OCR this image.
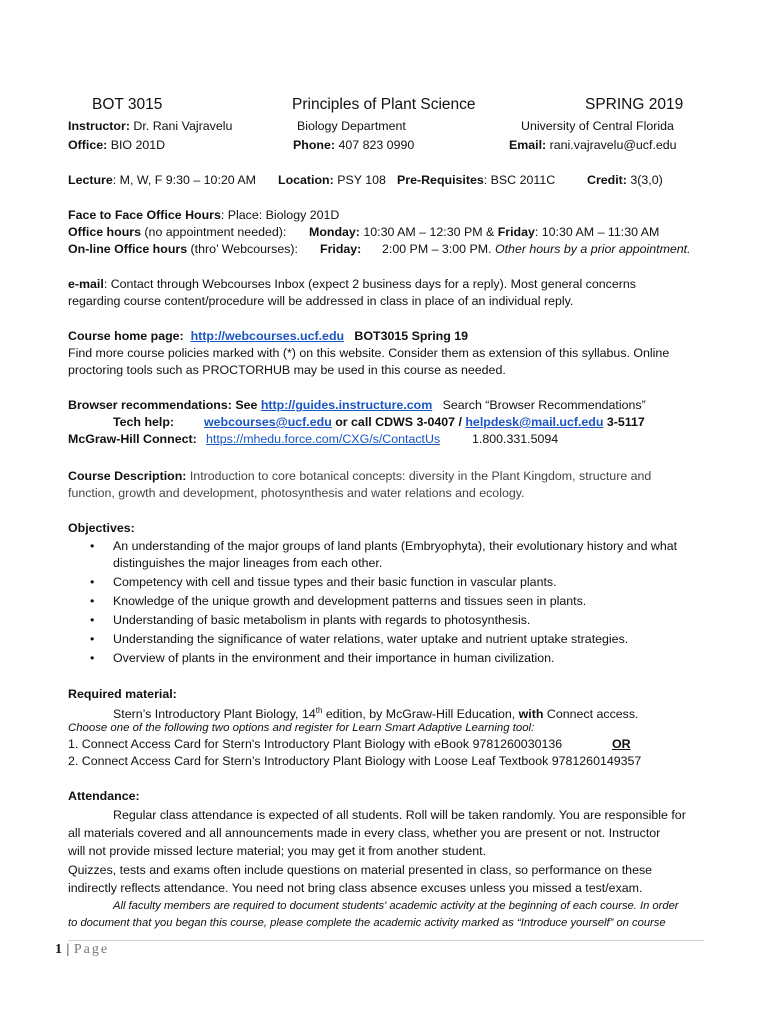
BOT 3015	Principles of Plant Science	SPRING 2019
Instructor: Dr. Rani Vajravelu	Biology Department	University of Central Florida
Office: BIO 201D	Phone: 407 823 0990	Email: rani.vajravelu@ucf.edu
Lecture: M, W, F 9:30 – 10:20 AM Location: PSY 108 Pre-Requisites: BSC 2011C	Credit: 3(3,0)
Face to Face Office Hours: Place: Biology 201D
Office hours (no appointment needed): Monday: 10:30 AM – 12:30 PM & Friday: 10:30 AM – 11:30 AM
On-line Office hours (thro’ Webcourses): Friday: 2:00 PM – 3:00 PM. Other hours by a prior appointment.
e-mail: Contact through Webcourses Inbox (expect 2 business days for a reply). Most general concerns
regarding course content/procedure will be addressed in class in place of an individual reply.
Course home page: http://webcourses.ucf.edu BOT3015 Spring 19
Find more course policies marked with (*) on this website. Consider them as extension of this syllabus. Online
proctoring tools such as PROCTORHUB may be used in this course as needed.
Browser recommendations: See http://guides.instructure.com Search “Browser Recommendations”
Tech help: webcourses@ucf.edu or call CDWS 3-0407 / helpdesk@mail.ucf.edu 3-5117
McGraw-Hill Connect: https://mhedu.force.com/CXG/s/ContactUs	1.800.331.5094
Course Description: Introduction to core botanical concepts: diversity in the Plant Kingdom, structure and
function, growth and development, photosynthesis and water relations and ecology.
Objectives:
• An understanding of the major groups of land plants (Embryophyta), their evolutionary history and what
distinguishes the major lineages from each other.
• Competency with cell and tissue types and their basic function in vascular plants.
• Knowledge of the unique growth and development patterns and tissues seen in plants.
• Understanding of basic metabolism in plants with regards to photosynthesis.
• Understanding the significance of water relations, water uptake and nutrient uptake strategies.
• Overview of plants in the environment and their importance in human civilization.
Required material:
Stern’s Introductory Plant Biology, 14th edition, by McGraw-Hill Education, with Connect access.
Choose one of the following two options and register for Learn Smart Adaptive Learning tool:
1. Connect Access Card for Stern's Introductory Plant Biology with eBook 9781260030136	OR
2. Connect Access Card for Stern’s Introductory Plant Biology with Loose Leaf Textbook 9781260149357
Attendance:
Regular class attendance is expected of all students. Roll will be taken randomly. You are responsible for
all materials covered and all announcements made in every class, whether you are present or not. Instructor
will not provide missed lecture material; you may get it from another student.
Quizzes, tests and exams often include questions on material presented in class, so performance on these
indirectly reflects attendance. You need not bring class absence excuses unless you missed a test/exam.
All faculty members are required to document students' academic activity at the beginning of each course. In order
to document that you began this course, please complete the academic activity marked as “Introduce yourself” on course
1 | Page
